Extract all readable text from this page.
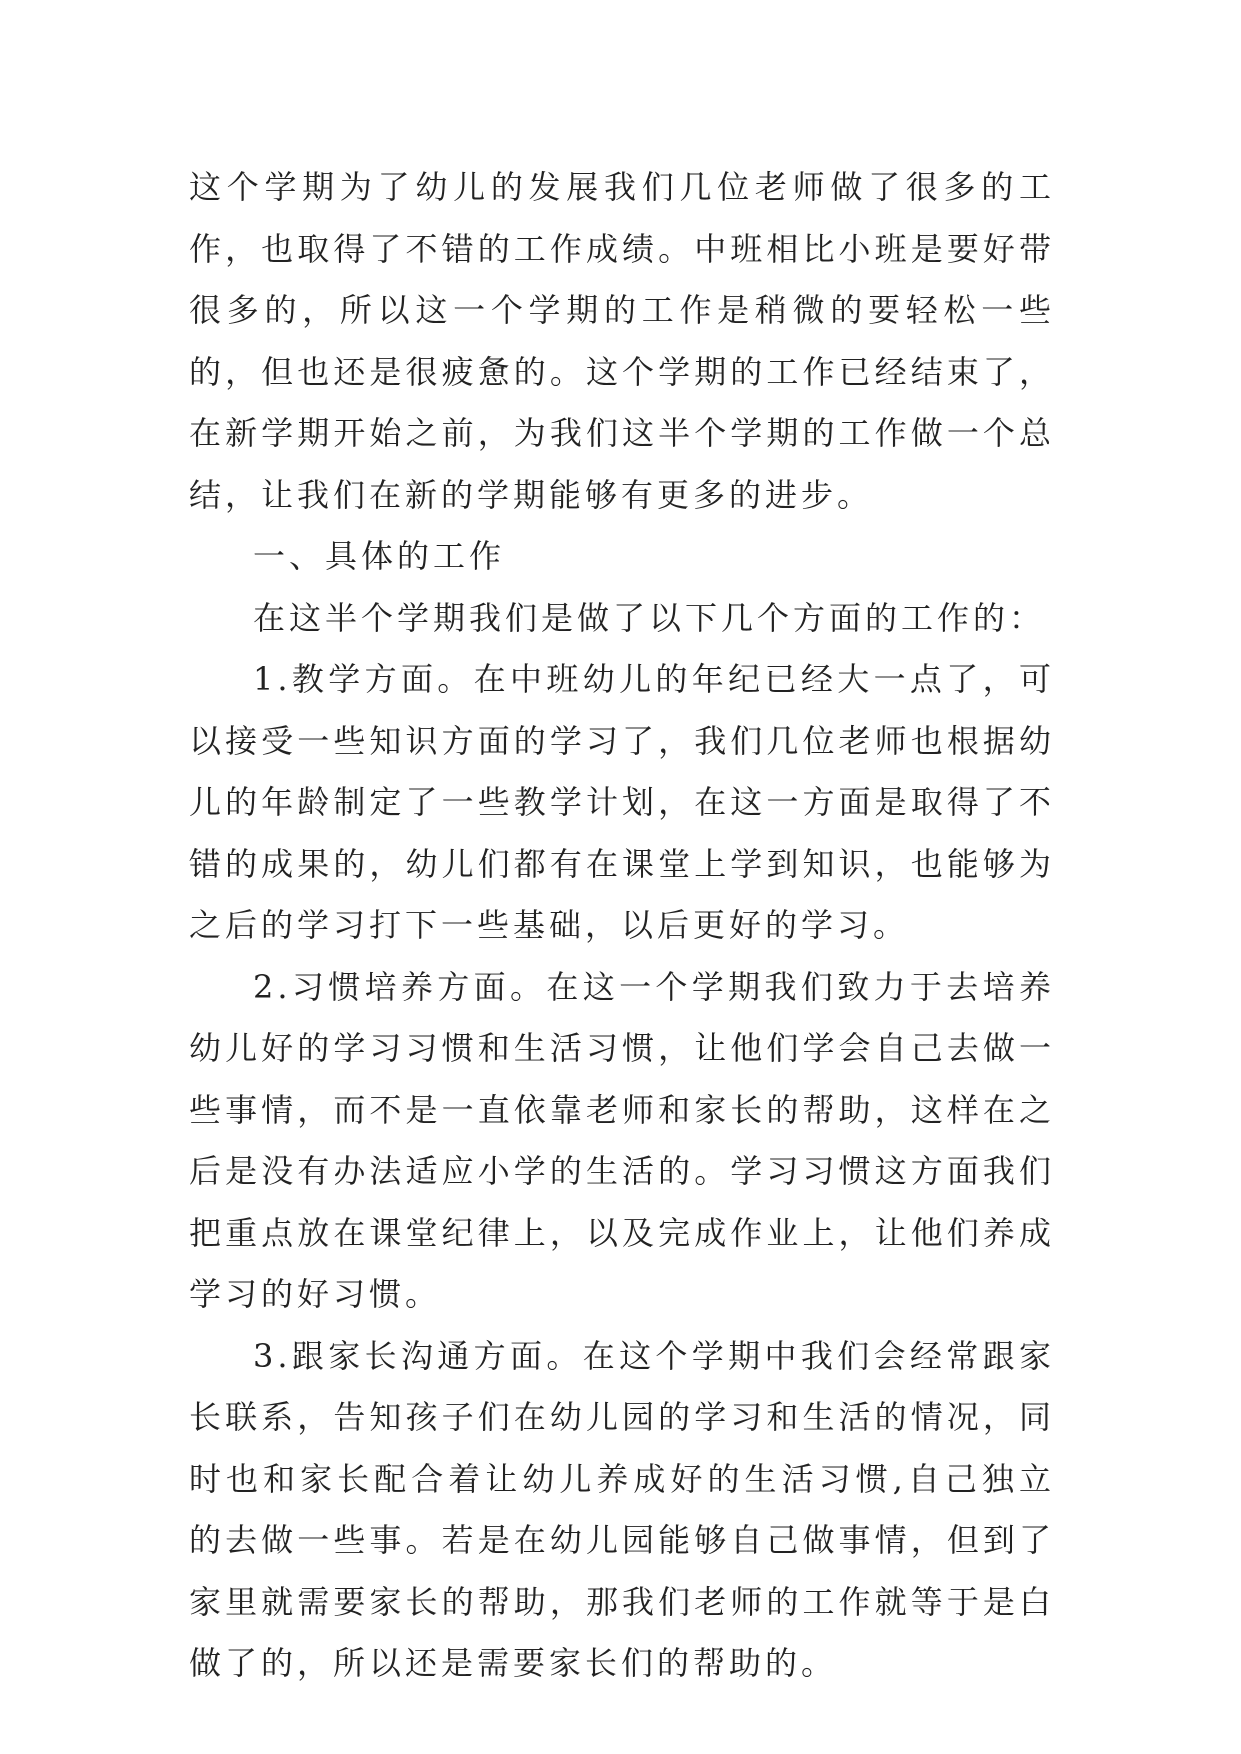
这个学期为了幼儿的发展我们几位老师做了很多的工作，也取得了不错的工作成绩。中班相比小班是要好带很多的，所以这一个学期的工作是稍微的要轻松一些的，但也还是很疲惫的。这个学期的工作已经结束了，在新学期开始之前，为我们这半个学期的工作做一个总结，让我们在新的学期能够有更多的进步。

一、具体的工作

在这半个学期我们是做了以下几个方面的工作的：

1.教学方面。在中班幼儿的年纪已经大一点了，可以接受一些知识方面的学习了，我们几位老师也根据幼儿的年龄制定了一些教学计划，在这一方面是取得了不错的成果的，幼儿们都有在课堂上学到知识，也能够为之后的学习打下一些基础，以后更好的学习。

2.习惯培养方面。在这一个学期我们致力于去培养幼儿好的学习习惯和生活习惯，让他们学会自己去做一些事情，而不是一直依靠老师和家长的帮助，这样在之后是没有办法适应小学的生活的。学习习惯这方面我们把重点放在课堂纪律上，以及完成作业上，让他们养成学习的好习惯。

3.跟家长沟通方面。在这个学期中我们会经常跟家长联系，告知孩子们在幼儿园的学习和生活的情况，同时也和家长配合着让幼儿养成好的生活习惯,自己独立的去做一些事。若是在幼儿园能够自己做事情，但到了家里就需要家长的帮助，那我们老师的工作就等于是白做了的，所以还是需要家长们的帮助的。
